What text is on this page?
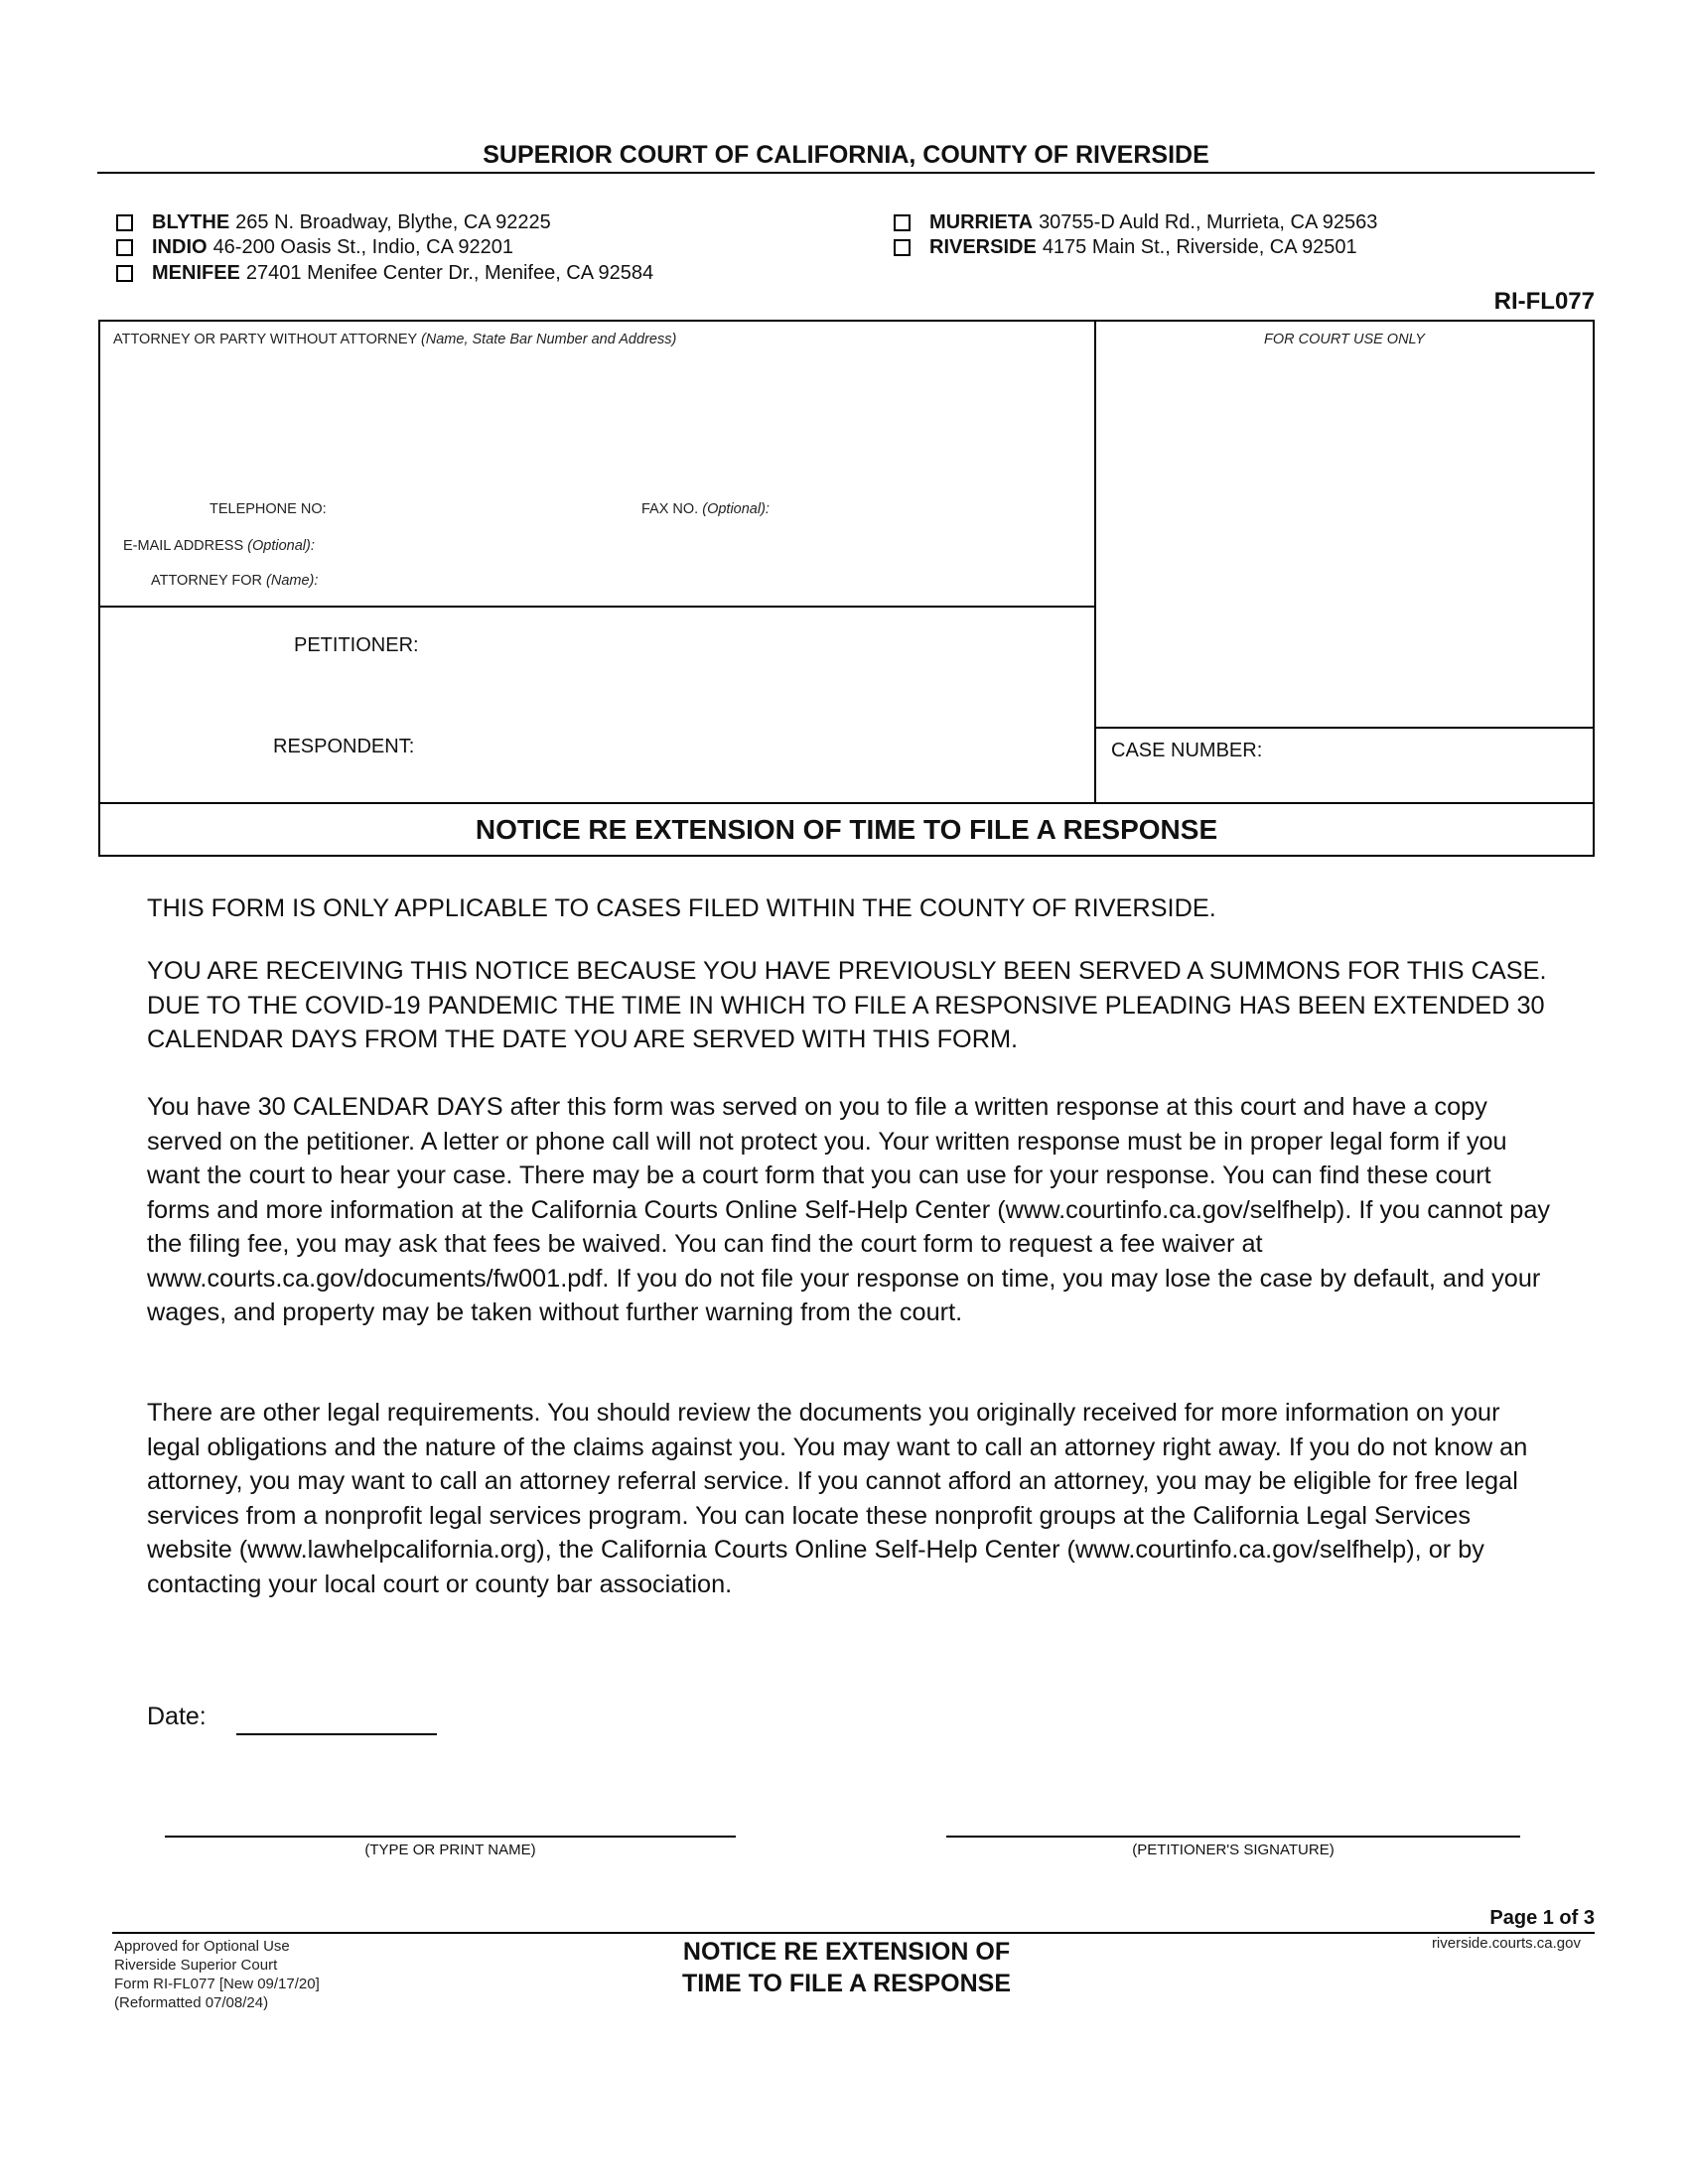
SUPERIOR COURT OF CALIFORNIA, COUNTY OF RIVERSIDE
BLYTHE 265 N. Broadway, Blythe, CA 92225
INDIO 46-200 Oasis St., Indio, CA 92201
MENIFEE 27401 Menifee Center Dr., Menifee, CA 92584
MURRIETA 30755-D Auld Rd., Murrieta, CA 92563
RIVERSIDE 4175 Main St., Riverside, CA 92501
RI-FL077
ATTORNEY OR PARTY WITHOUT ATTORNEY (Name, State Bar Number and Address)	FOR COURT USE ONLY
TELEPHONE NO:	FAX NO. (Optional):
E-MAIL ADDRESS (Optional):
ATTORNEY FOR (Name):
PETITIONER:
RESPONDENT:	CASE NUMBER:
NOTICE RE EXTENSION OF TIME TO FILE A RESPONSE
THIS FORM IS ONLY APPLICABLE TO CASES FILED WITHIN THE COUNTY OF RIVERSIDE.
YOU ARE RECEIVING THIS NOTICE BECAUSE YOU HAVE PREVIOUSLY BEEN SERVED A SUMMONS FOR THIS CASE. DUE TO THE COVID-19 PANDEMIC THE TIME IN WHICH TO FILE A RESPONSIVE PLEADING HAS BEEN EXTENDED 30 CALENDAR DAYS FROM THE DATE YOU ARE SERVED WITH THIS FORM.
You have 30 CALENDAR DAYS after this form was served on you to file a written response at this court and have a copy served on the petitioner. A letter or phone call will not protect you. Your written response must be in proper legal form if you want the court to hear your case. There may be a court form that you can use for your response. You can find these court forms and more information at the California Courts Online Self-Help Center (www.courtinfo.ca.gov/selfhelp). If you cannot pay the filing fee, you may ask that fees be waived. You can find the court form to request a fee waiver at www.courts.ca.gov/documents/fw001.pdf. If you do not file your response on time, you may lose the case by default, and your wages, and property may be taken without further warning from the court.
There are other legal requirements. You should review the documents you originally received for more information on your legal obligations and the nature of the claims against you. You may want to call an attorney right away. If you do not know an attorney, you may want to call an attorney referral service. If you cannot afford an attorney, you may be eligible for free legal services from a nonprofit legal services program. You can locate these nonprofit groups at the California Legal Services website (www.lawhelpcalifornia.org), the California Courts Online Self-Help Center (www.courtinfo.ca.gov/selfhelp), or by contacting your local court or county bar association.
Date:
(TYPE OR PRINT NAME)	(PETITIONER'S SIGNATURE)
Page 1 of 3
Approved for Optional Use
Riverside Superior Court
Form RI-FL077 [New 09/17/20]
(Reformatted 07/08/24)
NOTICE RE EXTENSION OF
TIME TO FILE A RESPONSE
riverside.courts.ca.gov
